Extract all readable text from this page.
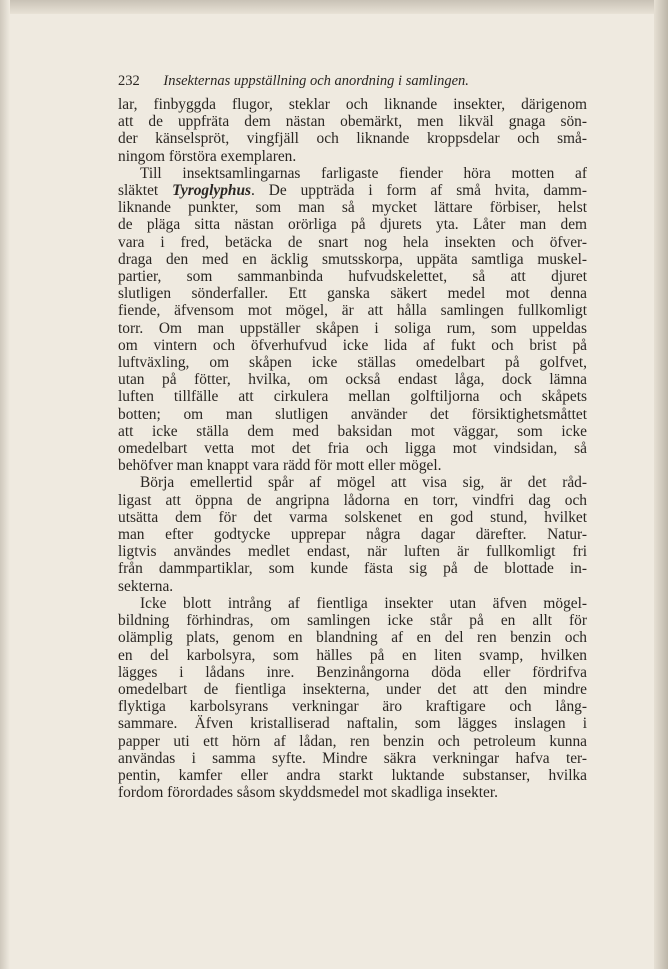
232 Insekternas uppställning och anordning i samlingen.

lar, finbyggda flugor, steklar och liknande insekter, därigenom
att de uppfräta dem nästan obemärkt, men likväl gnaga sön-
der känselspröt, vingfjäll och liknande kroppsdelar och små-
ningom förstöra exemplaren.

Till insektsamlingarnas farligaste fiender höra motten af
släktet Tyroglyphus. De uppträda i form af små hvita, damm-
liknande punkter, som man så mycket lättare förbiser, helst
de pläga sitta nästan orörliga på djurets yta. Låter man dem
vara i fred, betäcka de snart nog hela insekten och öfver-
draga den med en äcklig smutsskorpa, uppäta samtliga muskel-
partier, som sammanbinda hufvudskelettet, så att djuret
slutligen sönderfaller. Ett ganska säkert medel mot denna
fiende, äfvensom mot mögel, är att hålla samlingen fullkomligt
torr. Om man uppställer skåpen i soliga rum, som uppeldas
om vintern och öfverhufvud icke lida af fukt och brist på
luftväxling, om skåpen icke ställas omedelbart på golfvet,
utan på fötter, hvilka, om också endast låga, dock lämna
luften tillfälle att cirkulera mellan golftiljorna och skåpets
botten; om man slutligen använder det försiktighetsmåttet
att icke ställa dem med baksidan mot väggar, som icke
omedelbart vetta mot det fria och ligga mot vindsidan, så
behöfver man knappt vara rädd för mott eller mögel.

Börja emellertid spår af mögel att visa sig, är det råd-
ligast att öppna de angripna lådorna en torr, vindfri dag och
utsätta dem för det varma solskenet en god stund, hvilket
man efter godtycke upprepar några dagar därefter. Natur-
ligtvis användes medlet endast, när luften är fullkomligt fri
från dammpartiklar, som kunde fästa sig på de blottade in-
sekterna.

Icke blott intrång af fientliga insekter utan äfven mögel-
bildning förhindras, om samlingen icke står på en allt för
olämplig plats, genom en blandning af en del ren benzin och
en del karbolsyra, som hälles på en liten svamp, hvilken
lägges i lådans inre. Benzinångorna döda eller fördrifva
omedelbart de fientliga insekterna, under det att den mindre
flyktiga karbolsyrans verkningar äro kraftigare och lång-
sammare. Äfven kristalliserad naftalin, som lägges inslagen i
papper uti ett hörn af lådan, ren benzin och petroleum kunna
användas i samma syfte. Mindre säkra verkningar hafva ter-
pentin, kamfer eller andra starkt luktande substanser, hvilka
fordom förordades såsom skyddsmedel mot skadliga insekter.
